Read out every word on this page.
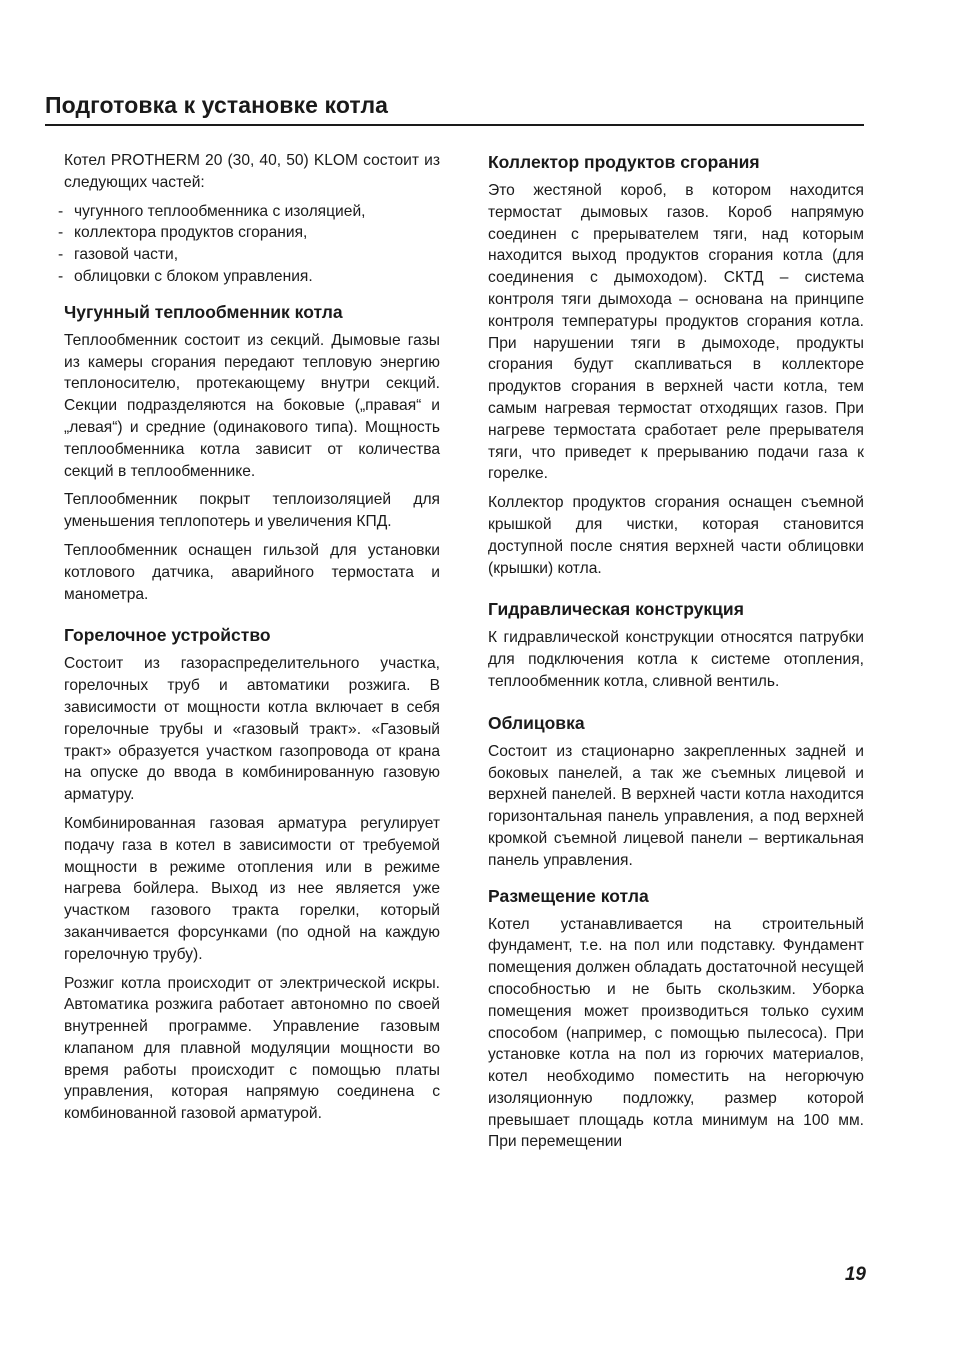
Подготовка к установке котла

Котел PROTHERM 20 (30, 40, 50) KLOM состоит из следующих частей:

- чугунного теплообменника с изоляцией,
- коллектора продуктов сгорания,
- газовой части,
- облицовки с блоком управления.
Чугунный теплообменник котла

Теплообменник состоит из секций. Дымовые газы из камеры сгорания передают тепловую энергию теплоносителю, протекающему внутри секций. Секции подразделяются на боковые („правая“ и „левая“) и средние (одинакового типа). Мощность теплообменника котла зависит от количества секций в теплообменнике.

Теплообменник покрыт теплоизоляцией для уменьшения теплопотерь и увеличения КПД.

Теплообменник оснащен гильзой для установки котлового датчика, аварийного термостата и манометра.

Горелочное устройство

Состоит из газораспределительного участка, горелочных труб и автоматики розжига. В зависимости от мощности котла включает в себя горелочные трубы и «газовый тракт». «Газовый тракт» образуется участком газопровода от крана на опуске до ввода в комбинированную газовую арматуру.

Комбинированная газовая арматура регулирует подачу газа в котел в зависимости от требуемой мощности в режиме отопления или в режиме нагрева бойлера. Выход из нее является уже участком газового тракта горелки, который заканчивается форсунками (по одной на каждую горелочную трубу).

Розжиг котла происходит от электрической искры. Автоматика розжига работает автономно по своей внутренней программе. Управление газовым клапаном для плавной модуляции мощности во время работы происходит с помощью платы управления, которая напрямую соединена с комбинованной газовой арматурой.

Коллектор продуктов сгорания

Это жестяной короб, в котором находится термостат дымовых газов. Короб напрямую соединен с прерывателем тяги, над которым находится выход продуктов сгорания котла (для соединения с дымоходом). СКТД – система контроля тяги дымохода – основана на принципе контроля температуры продуктов сгорания котла. При нарушении тяги в дымоходе, продукты сгорания будут скапливаться в коллекторе продуктов сгорания в верхней части котла, тем самым нагревая термостат отходящих газов. При нагреве термостата сработает реле прерывателя тяги, что приведет к прерыванию подачи газа к горелке.

Коллектор продуктов сгорания оснащен съемной крышкой для чистки, которая становится доступной после снятия верхней части облицовки (крышки) котла.

Гидравлическая конструкция

К гидравлической конструкции относятся патрубки для подключения котла к системе отопления, теплообменник котла, сливной вентиль.

Облицовка

Состоит из стационарно закрепленных задней и боковых панелей, а так же съемных лицевой и верхней панелей. В верхней части котла находится горизонтальная панель управления, а под верхней кромкой съемной лицевой панели – вертикальная панель управления.

Размещение котла

Котел устанавливается на строительный фундамент, т.е. на пол или подставку. Фундамент помещения должен обладать достаточной несущей способностью и не быть скользким. Уборка помещения может производиться только сухим способом (например, с помощью пылесоса). При установке котла на пол из горючих материалов, котел необходимо поместить на негорючую изоляционную подложку, размер которой превышает площадь котла минимум на 100 мм. При перемещении

19
